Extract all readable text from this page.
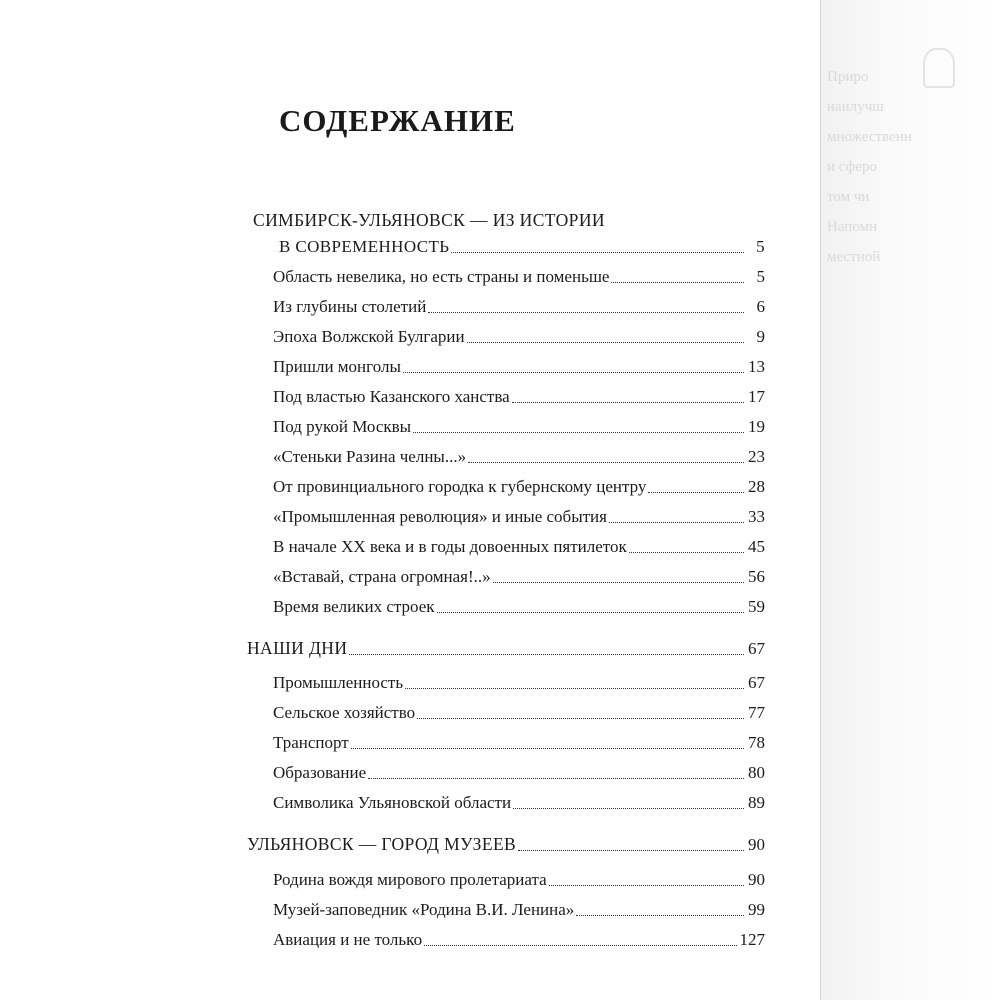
Приро
наилучш
множественн
и сферо
том чи
Напомн
местной
СОДЕРЖАНИЕ
СИМБИРСК-УЛЬЯНОВСК — ИЗ ИСТОРИИ
В СОВРЕМЕННОСТЬ	5
Область невелика, но есть страны и поменьше	5
Из глубины столетий	6
Эпоха Волжской Булгарии	9
Пришли монголы	13
Под властью Казанского ханства	17
Под рукой Москвы	19
«Стеньки Разина челны...»	23
От провинциального городка к губернскому центру	28
«Промышленная революция» и иные события	33
В начале XX века и в годы довоенных пятилеток	45
«Вставай, страна огромная!..»	56
Время великих строек	59
НАШИ ДНИ	67
Промышленность	67
Сельское хозяйство	77
Транспорт	78
Образование	80
Символика Ульяновской области	89
УЛЬЯНОВСК — ГОРОД МУЗЕЕВ	90
Родина вождя мирового пролетариата	90
Музей-заповедник «Родина В.И. Ленина»	99
Авиация и не только	127
